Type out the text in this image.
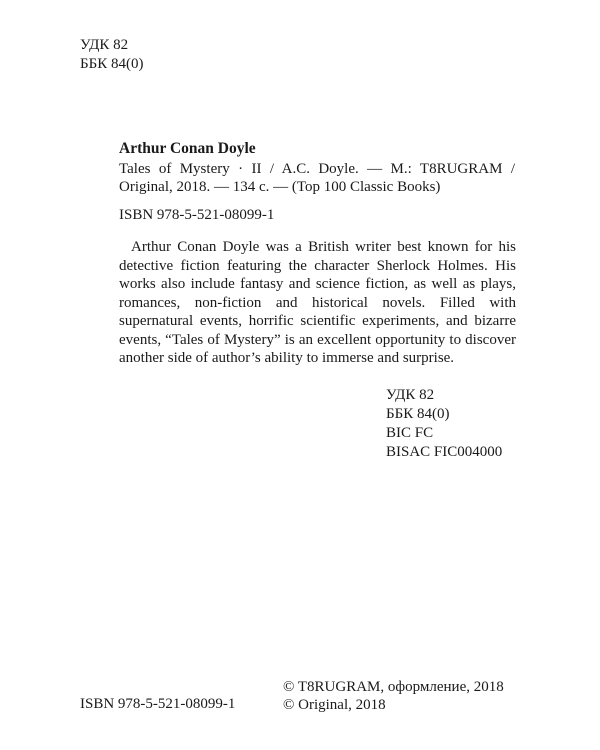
УДК 82
ББК 84(0)
Arthur Conan Doyle
Tales of Mystery · II / A.C. Doyle. — M.: T8RUGRAM / Original, 2018. — 134 c. — (Top 100 Classic Books)
ISBN 978-5-521-08099-1
Arthur Conan Doyle was a British writer best known for his detective fiction featuring the character Sherlock Holmes. His works also include fantasy and science fiction, as well as plays, romances, non-fiction and historical novels. Filled with supernatural events, horrific scientific experiments, and bizarre events, “Tales of Mystery” is an excellent opportunity to discover another side of author’s ability to immerse and surprise.
УДК 82
ББК 84(0)
BIC FC
BISAC FIC004000
ISBN 978-5-521-08099-1
© T8RUGRAM, оформление, 2018
© Original, 2018
